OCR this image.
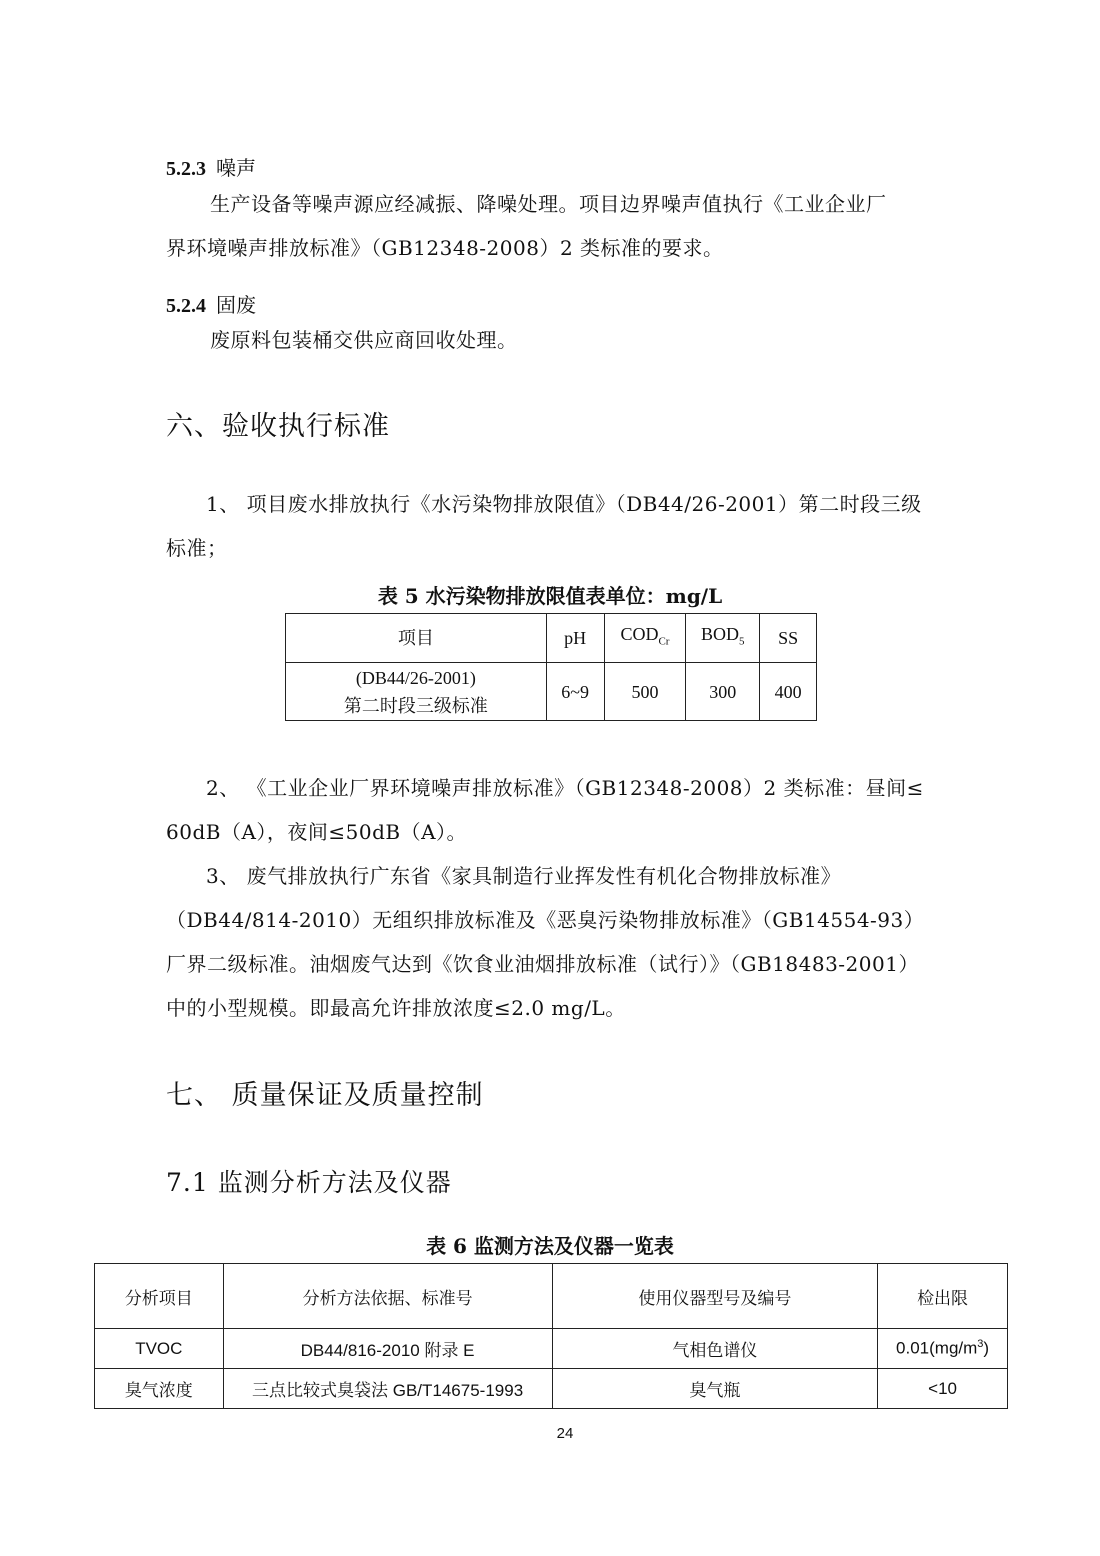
5.2.3 噪声
生产设备等噪声源应经减振、降噪处理。项目边界噪声值执行《工业企业厂
界环境噪声排放标准》（GB12348-2008）2 类标准的要求。
5.2.4 固废
废原料包装桶交供应商回收处理。
六、验收执行标准
1、 项目废水排放执行《水污染物排放限值》（DB44/26-2001）第二时段三级
标准；
表 5 水污染物排放限值表单位：mg/L
项目	pH	$COD_{Cr}$	$BOD_5$	SS

(DB44/26-2001)
第二时段三级标准	6~9	500	300	400
2、 《工业企业厂界环境噪声排放标准》（GB12348-2008）2 类标准：昼间≤
60dB（A），夜间≤50dB（A）。
3、 废气排放执行广东省《家具制造行业挥发性有机化合物排放标准》
（DB44/814-2010）无组织排放标准及《恶臭污染物排放标准》（GB14554-93）
厂界二级标准。油烟废气达到《饮食业油烟排放标准（试行）》（GB18483-2001）
中的小型规模。即最高允许排放浓度≤2.0 mg/L。
七、 质量保证及质量控制
7.1 监测分析方法及仪器
表 6 监测方法及仪器一览表
分析项目	分析方法依据、标准号	使用仪器型号及编号	检出限
TVOC	DB44/816-2010 附录 E	气相色谱仪	$0.01(mg/m^3)$
臭气浓度	三点比较式臭袋法 GB/T14675-1993	臭气瓶	<10
24
